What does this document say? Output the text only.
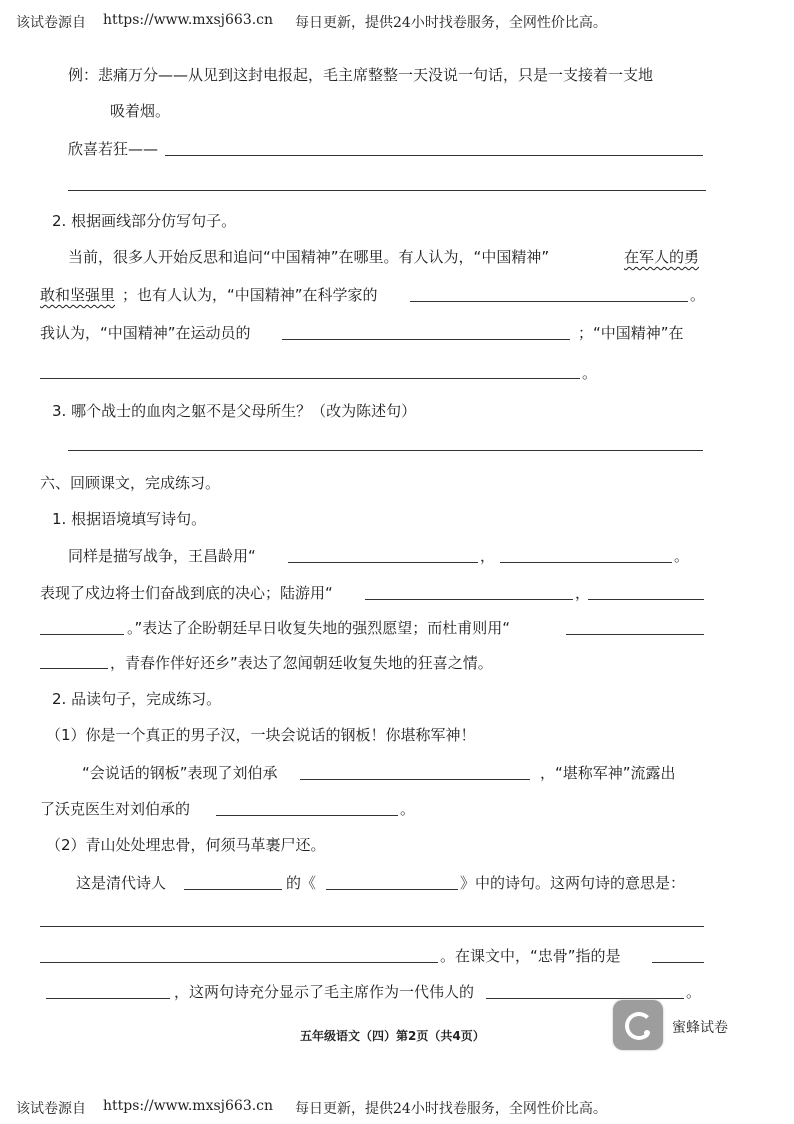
该试卷源自 https://www.mxsj663.cn 每日更新，提供24小时找卷服务，全网性价比高。
例：悲痛万分——从见到这封电报起，毛主席整整一天没说一句话，只是一支接着一支地
吸着烟。
欣喜若狂——
2. 根据画线部分仿写句子。
当前，很多人开始反思和追问“中国精神”在哪里。有人认为，“中国精神”	在军人的勇
敢和坚强里 ；也有人认为，“中国精神”在科学家的	。
我认为，“中国精神”在运动员的	；“中国精神”在
。
3. 哪个战士的血肉之躯不是父母所生？（改为陈述句）
六、回顾课文，完成练习。
1. 根据语境填写诗句。
同样是描写战争，王昌龄用“	，	。
表现了戍边将士们奋战到底的决心；陆游用“	，
。”表达了企盼朝廷早日收复失地的强烈愿望；而杜甫则用“
，青春作伴好还乡”表达了忽闻朝廷收复失地的狂喜之情。
2. 品读句子，完成练习。
（1）你是一个真正的男子汉，一块会说话的钢板！你堪称军神！
“会说话的钢板”表现了刘伯承	，“堪称军神”流露出
了沃克医生对刘伯承的	。
（2）青山处处埋忠骨，何须马革裹尸还。
这是清代诗人	的《	》中的诗句。这两句诗的意思是：
。在课文中，“忠骨”指的是
，这两句诗充分显示了毛主席作为一代伟人的	。
五年级语文（四）第2页（共4页）	蜜蜂试卷
该试卷源自 https://www.mxsj663.cn 每日更新，提供24小时找卷服务，全网性价比高。
